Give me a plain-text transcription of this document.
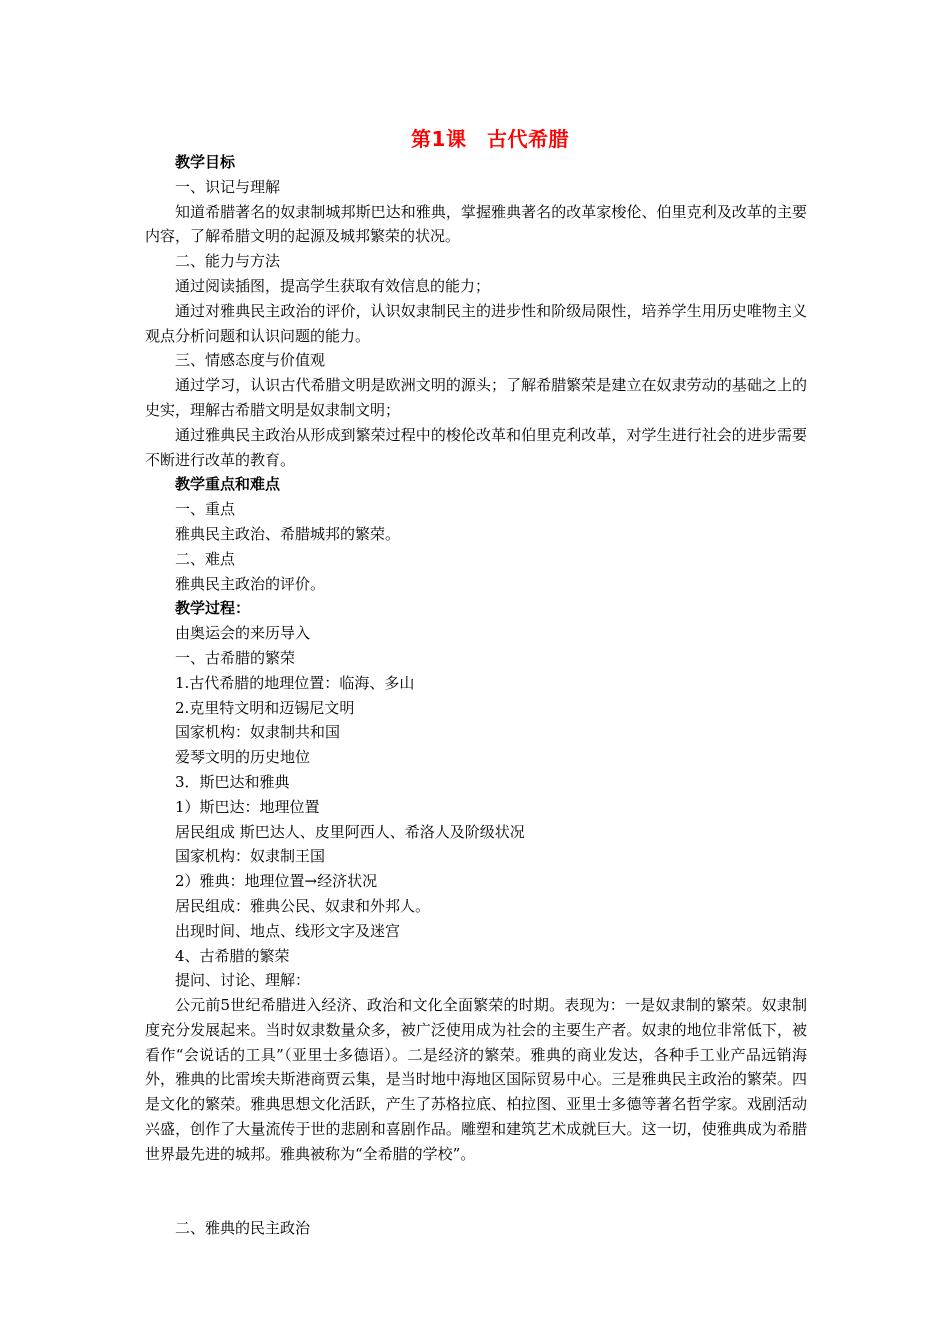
第1课　古代希腊
教学目标
一、识记与理解
知道希腊著名的奴隶制城邦斯巴达和雅典，掌握雅典著名的改革家梭伦、伯里克利及改革的主要内容，了解希腊文明的起源及城邦繁荣的状况。
二、能力与方法
通过阅读插图，提高学生获取有效信息的能力；
通过对雅典民主政治的评价，认识奴隶制民主的进步性和阶级局限性，培养学生用历史唯物主义观点分析问题和认识问题的能力。
三、情感态度与价值观
通过学习，认识古代希腊文明是欧洲文明的源头；了解希腊繁荣是建立在奴隶劳动的基础之上的史实，理解古希腊文明是奴隶制文明；
通过雅典民主政治从形成到繁荣过程中的梭伦改革和伯里克利改革，对学生进行社会的进步需要不断进行改革的教育。
教学重点和难点
一、重点
雅典民主政治、希腊城邦的繁荣。
二、难点
雅典民主政治的评价。
教学过程：
由奥运会的来历导入
一、古希腊的繁荣
1.古代希腊的地理位置：临海、多山
2.克里特文明和迈锡尼文明
国家机构：奴隶制共和国
爱琴文明的历史地位
3．斯巴达和雅典
1）斯巴达：地理位置
居民组成 斯巴达人、皮里阿西人、希洛人及阶级状况
国家机构：奴隶制王国
2）雅典：地理位置→经济状况
居民组成：雅典公民、奴隶和外邦人。
出现时间、地点、线形文字及迷宫
4、古希腊的繁荣
提问、讨论、理解：
公元前5世纪希腊进入经济、政治和文化全面繁荣的时期。表现为：一是奴隶制的繁荣。奴隶制度充分发展起来。当时奴隶数量众多，被广泛使用成为社会的主要生产者。奴隶的地位非常低下，被看作“会说话的工具”（亚里士多德语）。二是经济的繁荣。雅典的商业发达，各种手工业产品远销海外，雅典的比雷埃夫斯港商贾云集，是当时地中海地区国际贸易中心。三是雅典民主政治的繁荣。四是文化的繁荣。雅典思想文化活跃，产生了苏格拉底、柏拉图、亚里士多德等著名哲学家。戏剧活动兴盛，创作了大量流传于世的悲剧和喜剧作品。雕塑和建筑艺术成就巨大。这一切，使雅典成为希腊世界最先进的城邦。雅典被称为“全希腊的学校”。
二、雅典的民主政治
